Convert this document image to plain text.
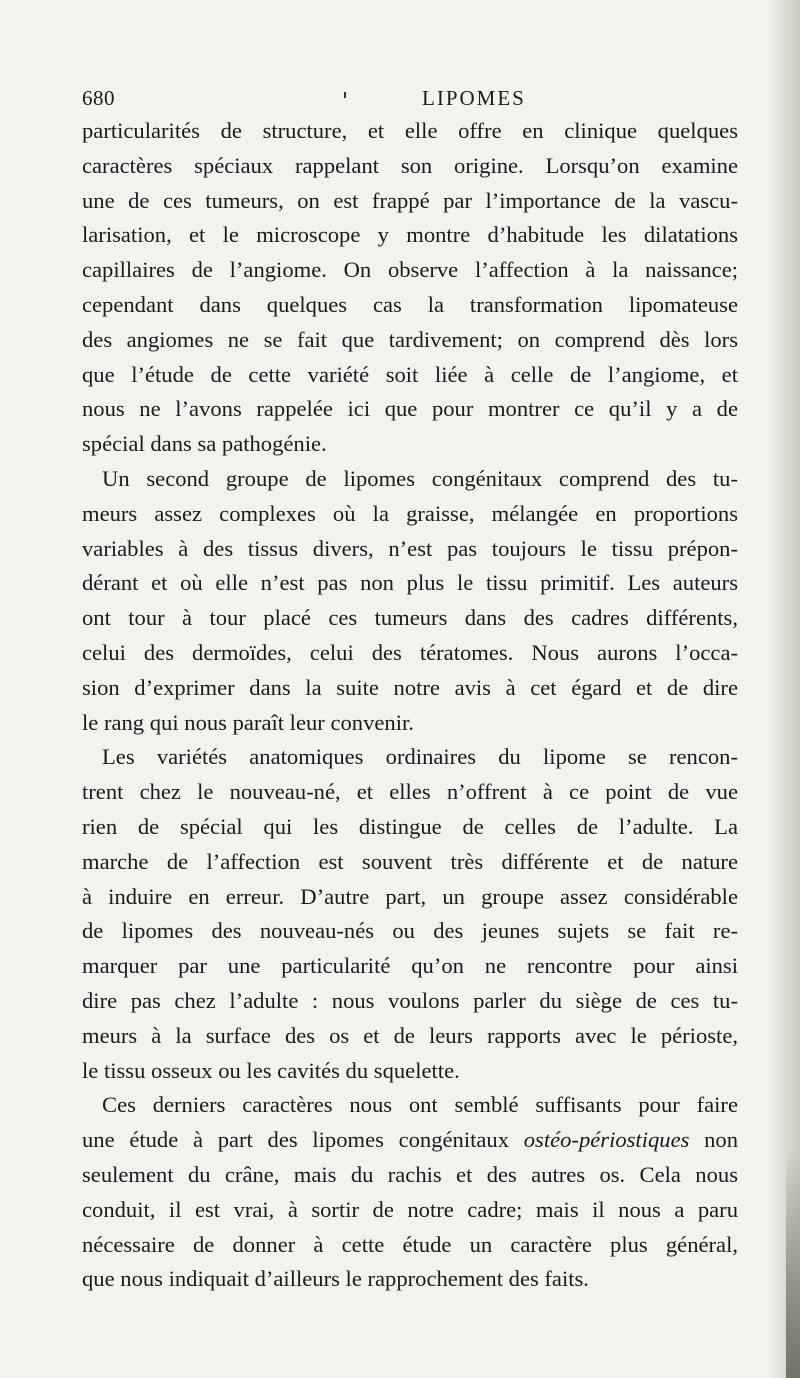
680	LIPOMES
particularités de structure, et elle offre en clinique quelques
caractères spéciaux rappelant son origine. Lorsqu’on examine
une de ces tumeurs, on est frappé par l’importance de la vascu-
larisation, et le microscope y montre d’habitude les dilatations
capillaires de l’angiome. On observe l’affection à la naissance;
cependant dans quelques cas la transformation lipomateuse
des angiomes ne se fait que tardivement; on comprend dès lors
que l’étude de cette variété soit liée à celle de l’angiome, et
nous ne l’avons rappelée ici que pour montrer ce qu’il y a de
spécial dans sa pathogénie.
Un second groupe de lipomes congénitaux comprend des tu-
meurs assez complexes où la graisse, mélangée en proportions
variables à des tissus divers, n’est pas toujours le tissu prépon-
dérant et où elle n’est pas non plus le tissu primitif. Les auteurs
ont tour à tour placé ces tumeurs dans des cadres différents,
celui des dermoïdes, celui des tératomes. Nous aurons l’occa-
sion d’exprimer dans la suite notre avis à cet égard et de dire
le rang qui nous paraît leur convenir.
Les variétés anatomiques ordinaires du lipome se rencon-
trent chez le nouveau-né, et elles n’offrent à ce point de vue
rien de spécial qui les distingue de celles de l’adulte. La
marche de l’affection est souvent très différente et de nature
à induire en erreur. D’autre part, un groupe assez considérable
de lipomes des nouveau-nés ou des jeunes sujets se fait re-
marquer par une particularité qu’on ne rencontre pour ainsi
dire pas chez l’adulte : nous voulons parler du siège de ces tu-
meurs à la surface des os et de leurs rapports avec le périoste,
le tissu osseux ou les cavités du squelette.
Ces derniers caractères nous ont semblé suffisants pour faire
une étude à part des lipomes congénitaux ostéo-périostiques non
seulement du crâne, mais du rachis et des autres os. Cela nous
conduit, il est vrai, à sortir de notre cadre; mais il nous a paru
nécessaire de donner à cette étude un caractère plus général,
que nous indiquait d’ailleurs le rapprochement des faits.
